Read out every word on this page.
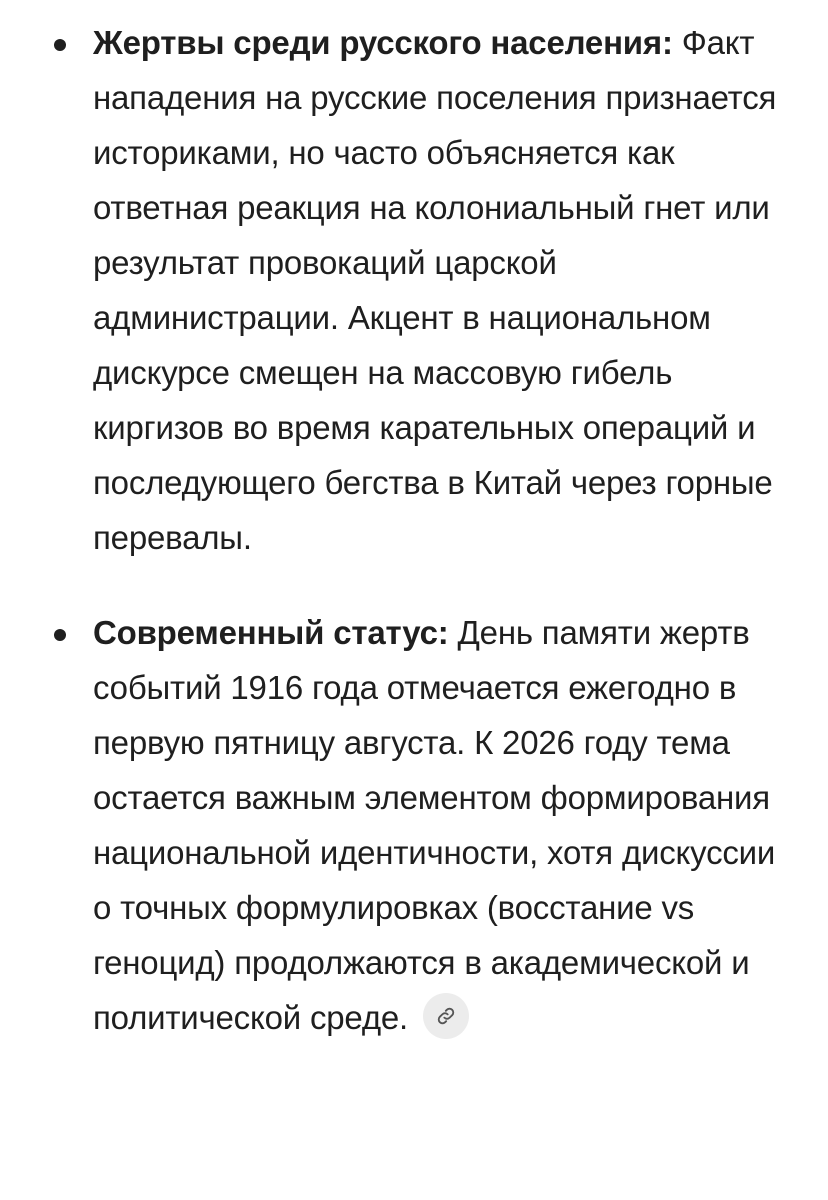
Жертвы среди русского населения: Факт нападения на русские поселения признается историками, но часто объясняется как ответная реакция на колониальный гнет или результат провокаций царской администрации. Акцент в национальном дискурсе смещен на массовую гибель киргизов во время карательных операций и последующего бегства в Китай через горные перевалы.
Современный статус: День памяти жертв событий 1916 года отмечается ежегодно в первую пятницу августа. К 2026 году тема остается важным элементом формирования национальной идентичности, хотя дискуссии о точных формулировках (восстание vs геноцид) продолжаются в академической и политической среде.
